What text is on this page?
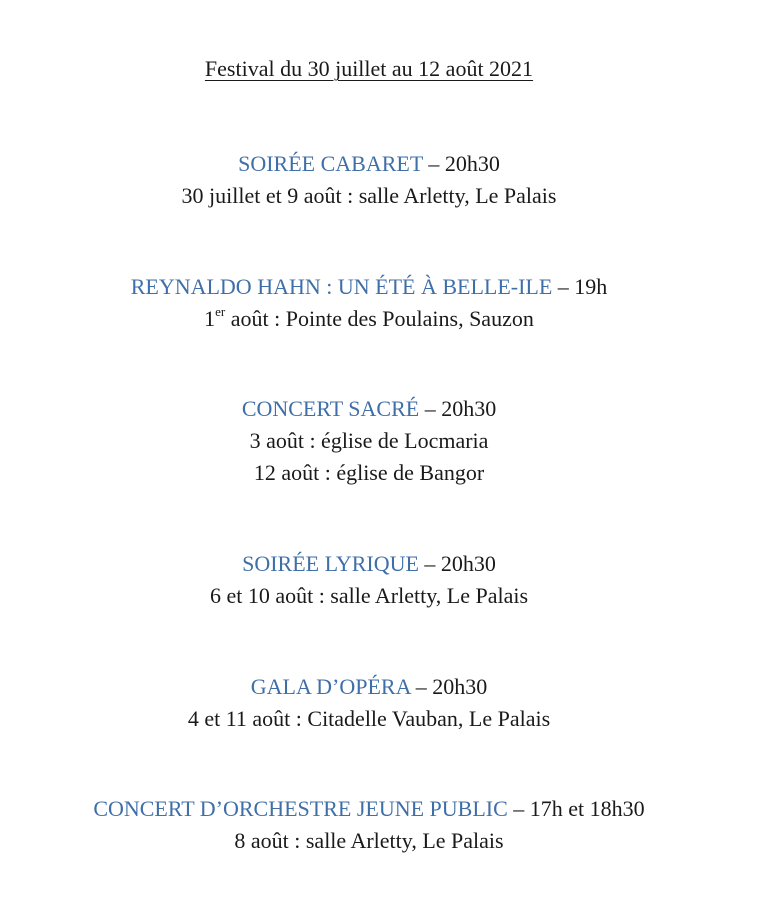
Festival du 30 juillet au 12 août 2021
SOIRÉE CABARET – 20h30
30 juillet et 9 août : salle Arletty, Le Palais
REYNALDO HAHN : UN ÉTÉ À BELLE-ILE – 19h
1er août : Pointe des Poulains, Sauzon
CONCERT SACRÉ – 20h30
3 août : église de Locmaria
12 août : église de Bangor
SOIRÉE LYRIQUE – 20h30
6 et 10 août : salle Arletty, Le Palais
GALA D’OPÉRA – 20h30
4 et 11 août : Citadelle Vauban, Le Palais
CONCERT D’ORCHESTRE JEUNE PUBLIC – 17h et 18h30
8 août : salle Arletty, Le Palais
